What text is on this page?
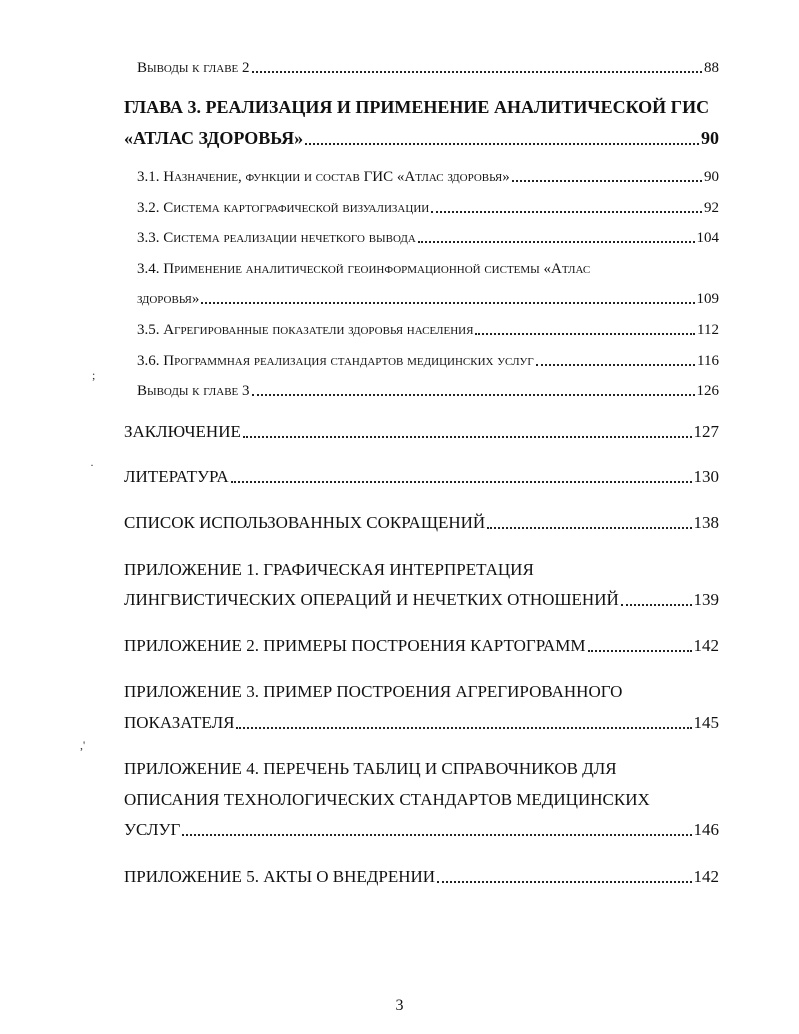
Выводы к главе 2	88
ГЛАВА 3. РЕАЛИЗАЦИЯ И ПРИМЕНЕНИЕ АНАЛИТИЧЕСКОЙ ГИС
«АТЛАС ЗДОРОВЬЯ»	90
3.1. Назначение, функции и состав ГИС «Атлас здоровья»	90
3.2. Система картографической визуализации	92
3.3. Система реализации нечеткого вывода	104
3.4. Применение аналитической геоинформационной системы «Атлас
здоровья»	109
3.5. Агрегированные показатели здоровья населения	112
3.6. Программная реализация стандартов медицинских услуг	116
Выводы к главе 3	126
ЗАКЛЮЧЕНИЕ	127
ЛИТЕРАТУРА	130
СПИСОК ИСПОЛЬЗОВАННЫХ СОКРАЩЕНИЙ	138
ПРИЛОЖЕНИЕ 1. ГРАФИЧЕСКАЯ ИНТЕРПРЕТАЦИЯ
ЛИНГВИСТИЧЕСКИХ ОПЕРАЦИЙ И НЕЧЕТКИХ ОТНОШЕНИЙ	139
ПРИЛОЖЕНИЕ 2. ПРИМЕРЫ ПОСТРОЕНИЯ КАРТОГРАММ	142
ПРИЛОЖЕНИЕ 3. ПРИМЕР ПОСТРОЕНИЯ АГРЕГИРОВАННОГО
ПОКАЗАТЕЛЯ	145
ПРИЛОЖЕНИЕ 4. ПЕРЕЧЕНЬ ТАБЛИЦ И СПРАВОЧНИКОВ ДЛЯ
ОПИСАНИЯ ТЕХНОЛОГИЧЕСКИХ СТАНДАРТОВ МЕДИЦИНСКИХ
УСЛУГ	146
ПРИЛОЖЕНИЕ 5. АКТЫ О ВНЕДРЕНИИ	142
;
·
,'
3
